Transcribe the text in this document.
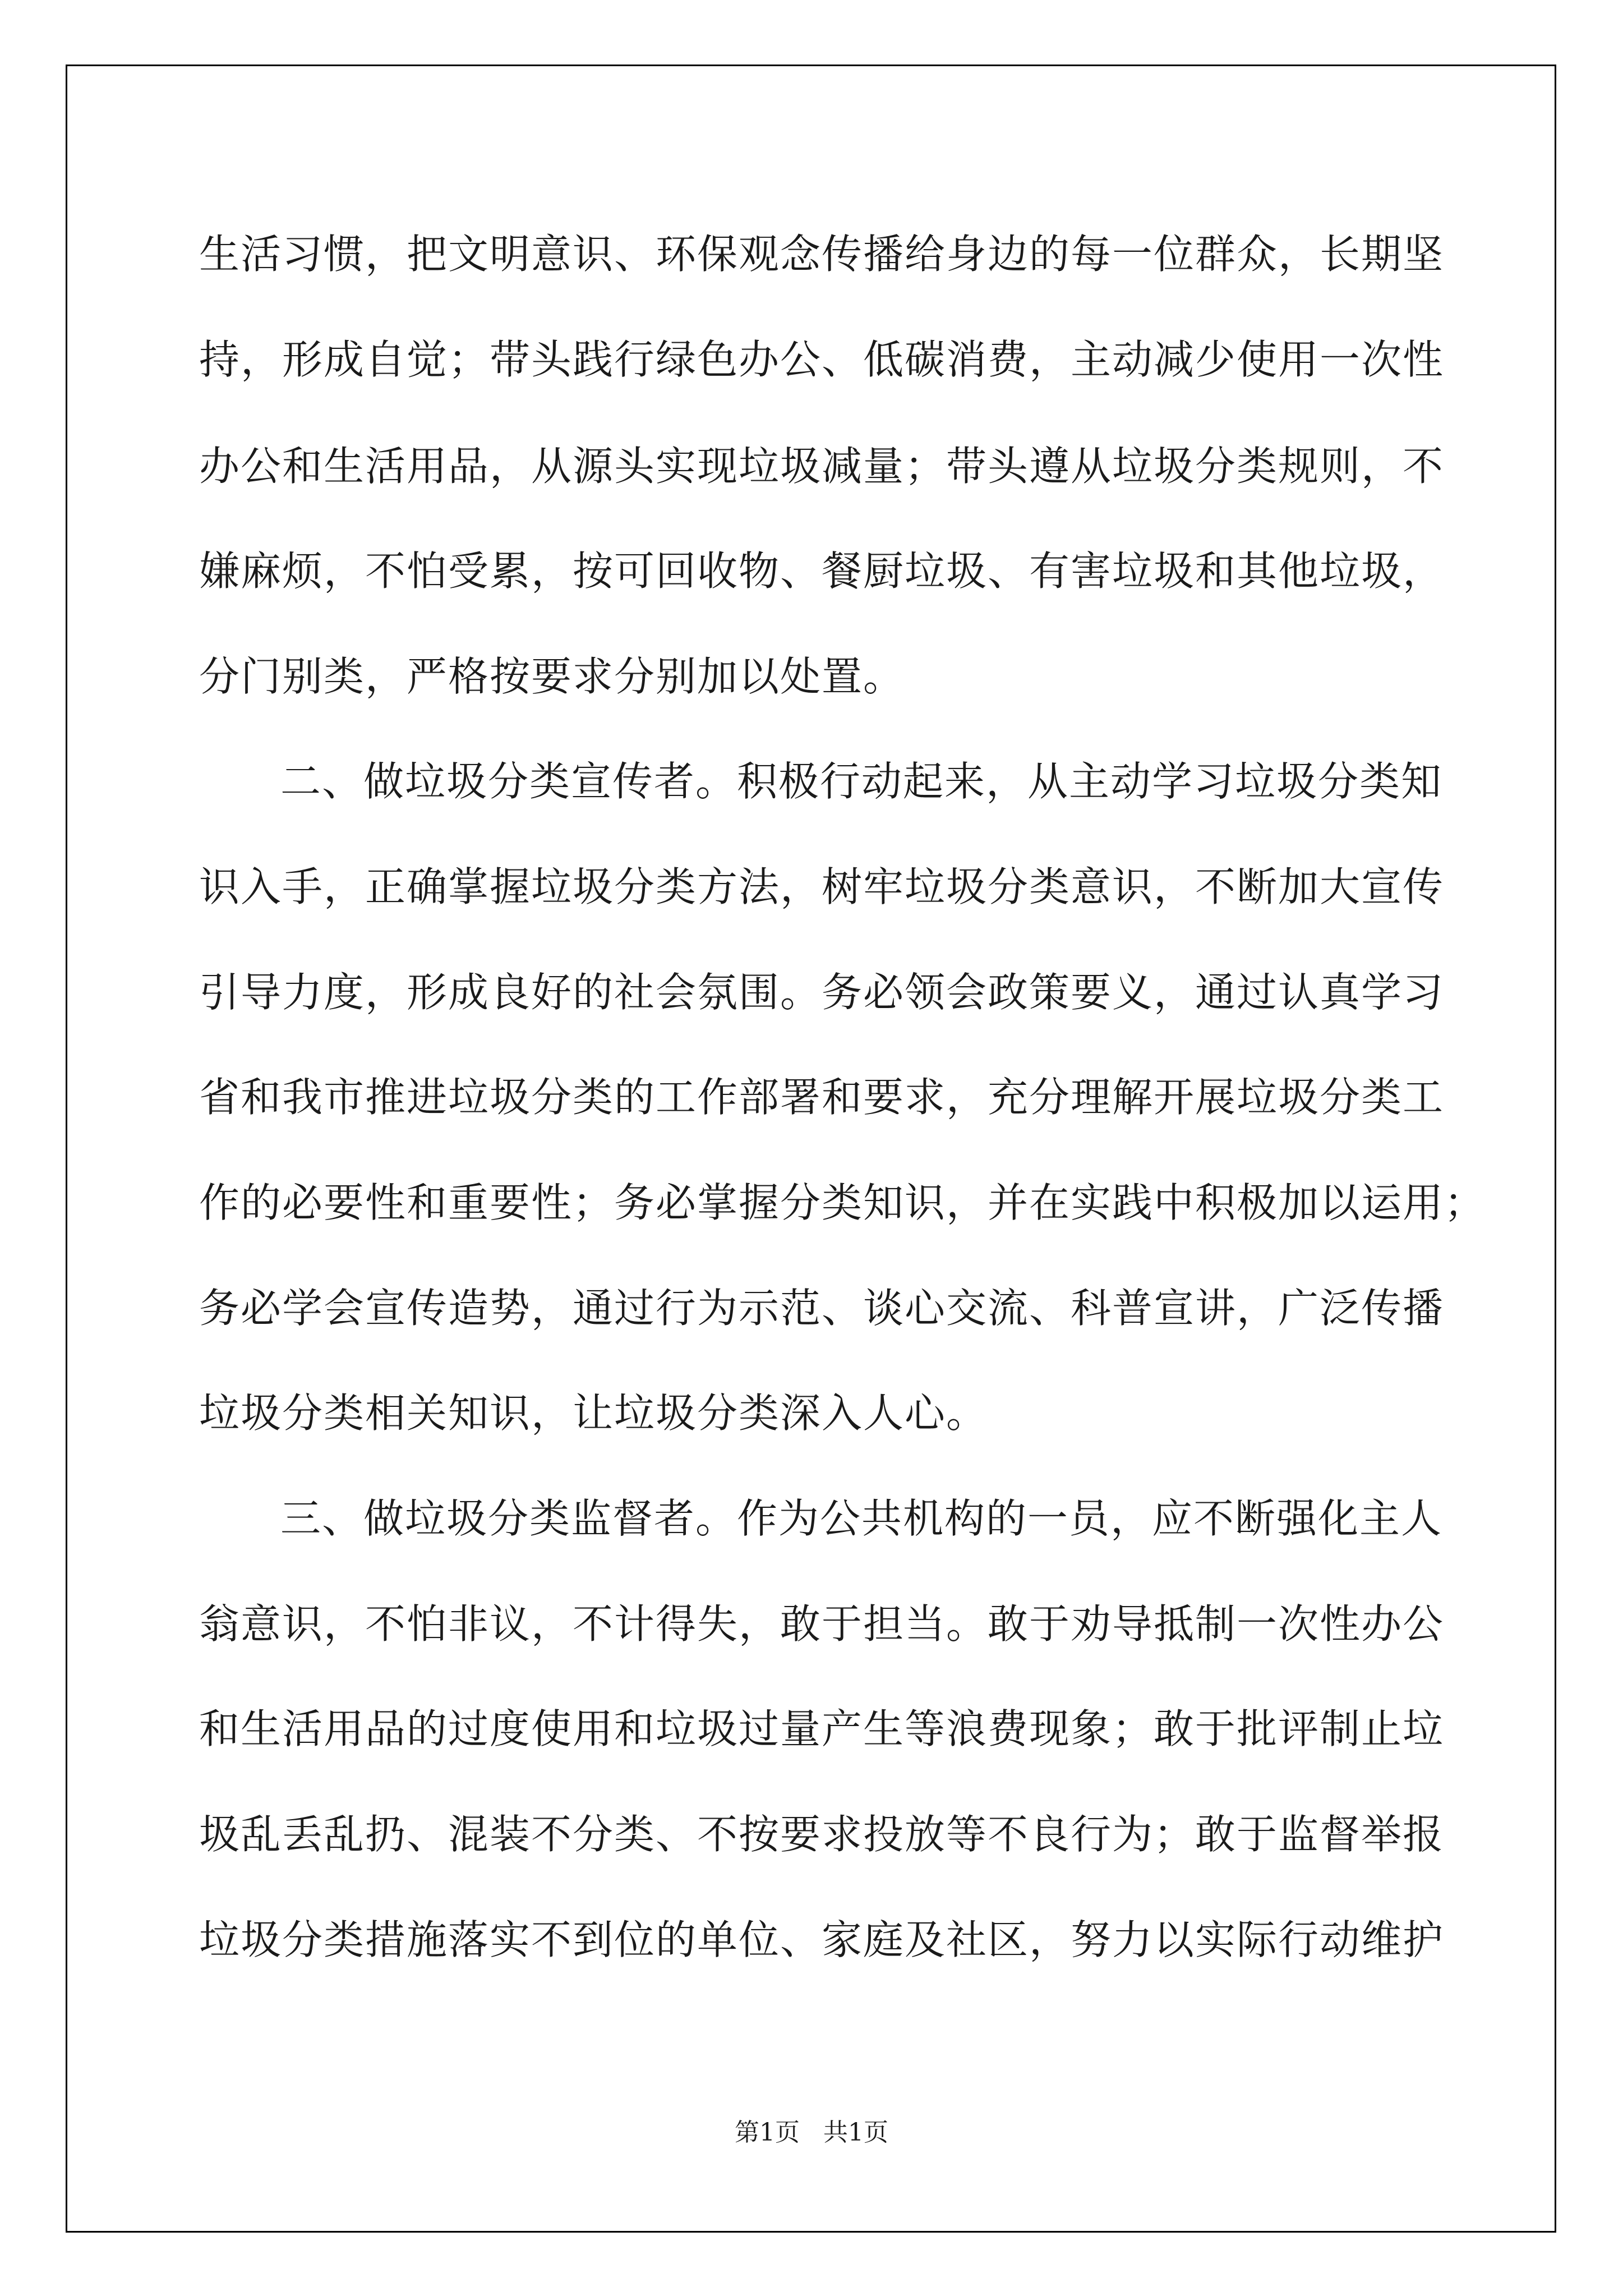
生活习惯，把文明意识、环保观念传播给身边的每一位群众，长期坚
持，形成自觉；带头践行绿色办公、低碳消费，主动减少使用一次性
办公和生活用品，从源头实现垃圾减量；带头遵从垃圾分类规则，不
嫌麻烦，不怕受累，按可回收物、餐厨垃圾、有害垃圾和其他垃圾，
分门别类，严格按要求分别加以处置。
二、做垃圾分类宣传者。积极行动起来，从主动学习垃圾分类知
识入手，正确掌握垃圾分类方法，树牢垃圾分类意识，不断加大宣传
引导力度，形成良好的社会氛围。务必领会政策要义，通过认真学习
省和我市推进垃圾分类的工作部署和要求，充分理解开展垃圾分类工
作的必要性和重要性；务必掌握分类知识，并在实践中积极加以运用；
务必学会宣传造势，通过行为示范、谈心交流、科普宣讲，广泛传播
垃圾分类相关知识，让垃圾分类深入人心。
三、做垃圾分类监督者。作为公共机构的一员，应不断强化主人
翁意识，不怕非议，不计得失，敢于担当。敢于劝导抵制一次性办公
和生活用品的过度使用和垃圾过量产生等浪费现象；敢于批评制止垃
圾乱丢乱扔、混装不分类、不按要求投放等不良行为；敢于监督举报
垃圾分类措施落实不到位的单位、家庭及社区，努力以实际行动维护
第1页   共1页
